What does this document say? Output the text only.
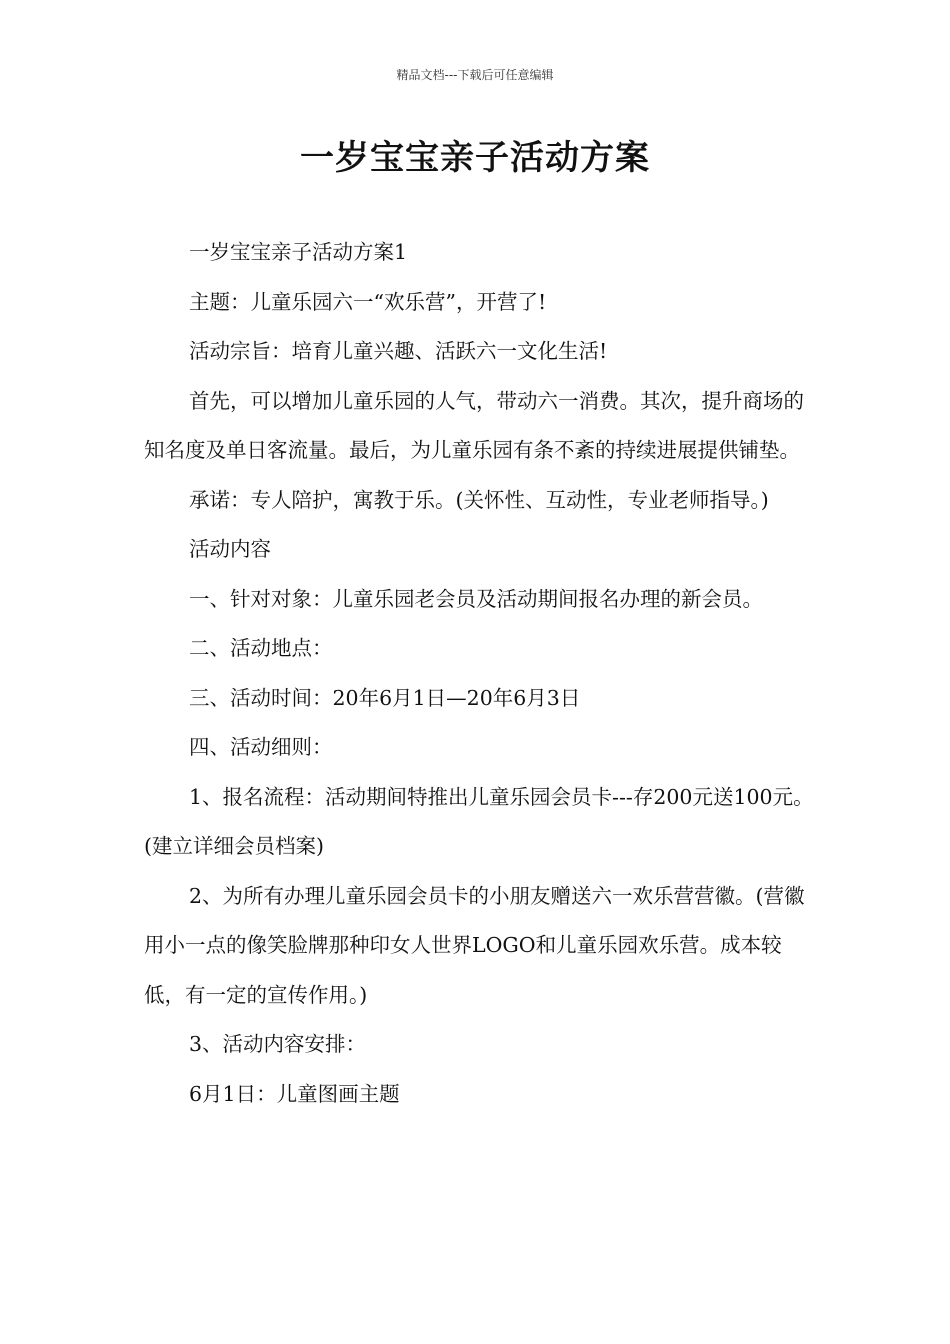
精品文档---下载后可任意编辑
一岁宝宝亲子活动方案

一岁宝宝亲子活动方案1

主题：儿童乐园六一“欢乐营”，开营了!

活动宗旨：培育儿童兴趣、活跃六一文化生活!

首先，可以增加儿童乐园的人气，带动六一消费。其次，提升商场的知名度及单日客流量。最后，为儿童乐园有条不紊的持续进展提供铺垫。

承诺：专人陪护，寓教于乐。(关怀性、互动性，专业老师指导。)

活动内容

一、针对对象：儿童乐园老会员及活动期间报名办理的新会员。

二、活动地点：

三、活动时间：20年6月1日—20年6月3日

四、活动细则：

1、报名流程：活动期间特推出儿童乐园会员卡---存200元送100元。(建立详细会员档案)

2、为所有办理儿童乐园会员卡的小朋友赠送六一欢乐营营徽。(营徽用小一点的像笑脸牌那种印女人世界LOGO和儿童乐园欢乐营。成本较低，有一定的宣传作用。)

3、活动内容安排：

6月1日：儿童图画主题
